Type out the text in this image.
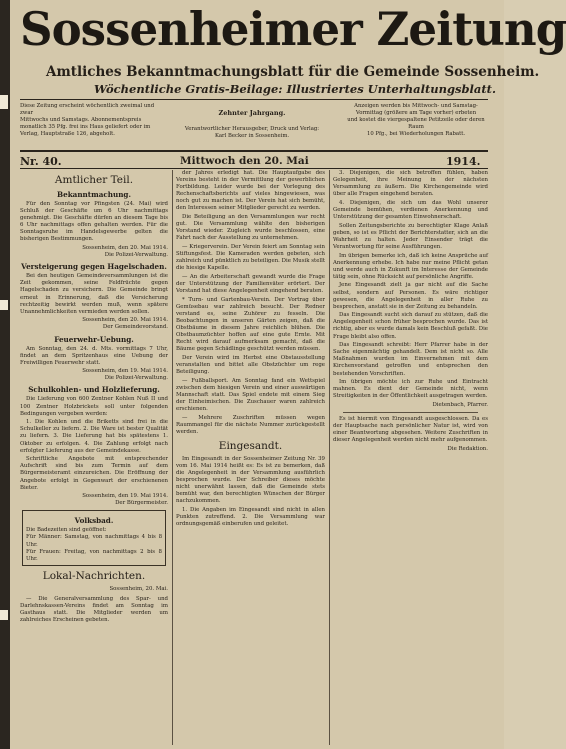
Sossenheimer Zeitung
Amtliches Bekanntmachungsblatt für die Gemeinde Sossenheim.
Wöchentliche Gratis-Beilage: Illustriertes Unterhaltungsblatt.
Diese Zeitung erscheint wöchentlich zweimal und zwar
Mittwochs und Samstags. Abonnementspreis
monatlich 35 Pfg. frei ins Haus geliefert oder im
Verlag, Hauptstraße 126, abgeholt.

Zehnter Jahrgang.

Verantwortlicher Herausgeber, Druck und Verlag:
Karl Becker in Sossenheim.

Anzeigen werden bis Mittwoch- und Samstag-
Vormittag (größere am Tage vorher) erbeten
und kostet die viergespaltene Petitzeile oder deren Raum
10 Pfg., bei Wiederholungen Rabatt.
Nr. 40.	Mittwoch den 20. Mai	1914.
Amtlicher Teil.
Bekanntmachung.
Für den Sonntag vor Pfingsten (24. Mai) wird Schluß der Geschäfte um 6 Uhr nachmittags genehmigt. Die Geschäfte dürfen an diesem Tage bis 6 Uhr nachmittags offen gehalten werden. Für die Sonntagsruhe im Handelsgewerbe gelten die bisherigen Bestimmungen.
Sossenheim, den 20. Mai 1914.
Die Polizei-Verwaltung.
Versteigerung gegen Hagelschaden.
Bei den heutigen Gemeindeversammlungen ist die Zeit gekommen, seine Feldfrüchte gegen Hagelschaden zu versichern. Die Gemeinde bringt erneut in Erinnerung, daß die Versicherung rechtzeitig bewirkt werden muß, wenn spätere Unannehmlichkeiten vermieden werden sollen.
Sossenheim, den 20. Mai 1914.
Der Gemeindevorstand.
Feuerwehr-Uebung.
Am Sonntag, den 24. d. Mts. vormittags 7 Uhr, findet an dem Spritzenhaus eine Uebung der Freiwilligen Feuerwehr statt.
Sossenheim, den 19. Mai 1914.
Die Polizei-Verwaltung.
Schulkohlen- und Holzlieferung.
Die Lieferung von 600 Zentner Kohlen Nuß II und 100 Zentner Holzbrickets soll unter folgenden Bedingungen vergeben werden:
1. Die Kohlen und die Briketts sind frei in die Schulkeller zu liefern. 2. Die Ware ist bester Qualität zu liefern. 3. Die Lieferung hat bis spätestens 1. Oktober zu erfolgen. 4. Die Zahlung erfolgt nach erfolgter Lieferung aus der Gemeindekasse.
Schriftliche Angebote mit entsprechender Aufschrift sind bis zum Termin auf dem Bürgermeisteramt einzureichen. Die Eröffnung der Angebote erfolgt in Gegenwart der erschienenen Bieter.
Sossenheim, den 19. Mai 1914.
Der Bürgermeister.
Volksbad.
Die Badezeiten sind geöffnet:
Für Männer: Samstag, von nachmittags 4 bis 8 Uhr.
Für Frauen: Freitag, von nachmittags 2 bis 8 Uhr.
Lokal-Nachrichten.
Sossenheim, 20. Mai.
— Die Generalversammlung des Spar- und Darlehnskassen-Vereins findet am Sonntag im Gasthaus statt. Die Mitglieder werden um zahlreiches Erscheinen gebeten.
der Jahres erledigt hat. Die Hauptaufgabe des Vereins besteht in der Vermittlung der gewerblichen Fortbildung. Leider wurde bei der Vorlegung des Rechenschaftsberichts auf vieles hingewiesen, was noch gut zu machen ist. Der Verein hat sich bemüht, den Interessen seiner Mitglieder gerecht zu werden.
Die Beteiligung an den Versammlungen war recht gut. Die Versammlung wählte den bisherigen Vorstand wieder. Zugleich wurde beschlossen, eine Fahrt nach der Ausstellung zu unternehmen.
— Kriegerverein. Der Verein feiert am Sonntag sein Stiftungsfest. Die Kameraden werden gebeten, sich zahlreich und pünktlich zu beteiligen. Die Musik stellt die hiesige Kapelle.
— An die Arbeiterschaft gewandt wurde die Frage der Unterstützung der Familienväter erörtert. Der Vorstand hat diese Angelegenheit eingehend beraten.
* Turn- und Gartenbau-Verein. Der Vortrag über Gemüsebau war zahlreich besucht. Der Redner verstand es, seine Zuhörer zu fesseln. Die Beobachtungen in unseren Gärten zeigen, daß die Obstbäume in diesem Jahre reichlich blühen. Die Obstbaumzüchter hoffen auf eine gute Ernte. Mit Recht wird darauf aufmerksam gemacht, daß die Bäume gegen Schädlinge geschützt werden müssen.
Der Verein wird im Herbst eine Obstausstellung veranstalten und bittet alle Obstzüchter um rege Beteiligung.
— Fußballsport. Am Sonntag fand ein Wettspiel zwischen dem hiesigen Verein und einer auswärtigen Mannschaft statt. Das Spiel endete mit einem Sieg der Einheimischen. Die Zuschauer waren zahlreich erschienen.
— Mehrere Zuschriften müssen wegen Raummangel für die nächste Nummer zurückgestellt werden.
Eingesandt.
Im Eingesandt in der Sossenheimer Zeitung Nr. 39 vom 16. Mai 1914 heißt es: Es ist zu bemerken, daß die Angelegenheit in der Versammlung ausführlich besprochen wurde. Der Schreiber dieses möchte nicht unerwähnt lassen, daß die Gemeinde stets bemüht war, den berechtigten Wünschen der Bürger nachzukommen.
1. Die Angaben im Eingesandt sind nicht in allen Punkten zutreffend. 2. Die Versammlung war ordnungsgemäß einberufen und geleitet.
3. Diejenigen, die sich betroffen fühlen, haben Gelegenheit, ihre Meinung in der nächsten Versammlung zu äußern. Die Kirchengemeinde wird über alle Fragen eingehend beraten.
4. Diejenigen, die sich um das Wohl unserer Gemeinde bemühen, verdienen Anerkennung und Unterstützung der gesamten Einwohnerschaft.
Sollen Zeitungsberichte zu berechtigter Klage Anlaß geben, so ist es Pflicht der Berichterstatter, sich an die Wahrheit zu halten. Jeder Einsender trägt die Verantwortung für seine Ausführungen.
Im übrigen bemerke ich, daß ich keine Ansprüche auf Anerkennung erhebe. Ich habe nur meine Pflicht getan und werde auch in Zukunft im Interesse der Gemeinde tätig sein, ohne Rücksicht auf persönliche Angriffe.
Jene Eingesandt zielt ja gar nicht auf die Sache selbst, sondern auf Personen. Es wäre richtiger gewesen, die Angelegenheit in aller Ruhe zu besprechen, anstatt sie in der Zeitung zu behandeln.
Das Eingesandt sucht sich darauf zu stützen, daß die Angelegenheit schon früher besprochen wurde. Das ist richtig, aber es wurde damals kein Beschluß gefaßt. Die Frage bleibt also offen.
Das Eingesandt schreibt: Herr Pfarrer habe in der Sache eigenmächtig gehandelt. Dem ist nicht so. Alle Maßnahmen wurden im Einvernehmen mit dem Kirchenvorstand getroffen und entsprechen den bestehenden Vorschriften.
Im übrigen möchte ich zur Ruhe und Eintracht mahnen. Es dient der Gemeinde nicht, wenn Streitigkeiten in der Öffentlichkeit ausgetragen werden.
Dietenbach, Pfarrer.
Es ist hiermit von Eingesandt ausgeschlossen. Da es der Hauptsache nach persönlicher Natur ist, wird von einer Beantwortung abgesehen. Weitere Zuschriften in dieser Angelegenheit werden nicht mehr aufgenommen.
Die Redaktion.
